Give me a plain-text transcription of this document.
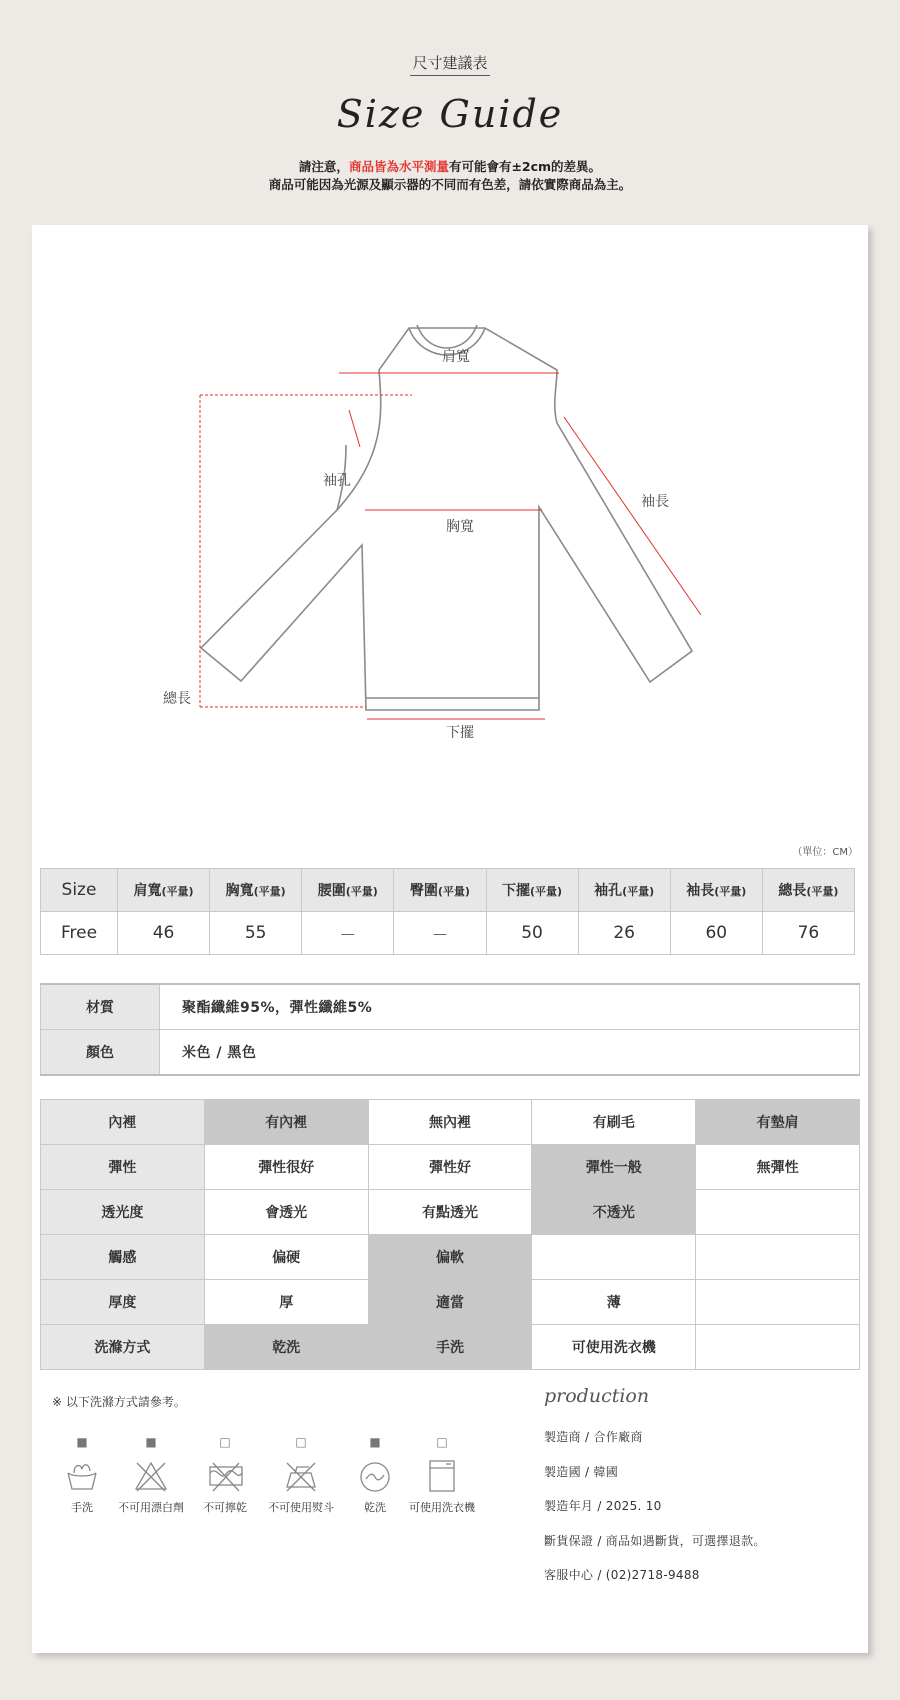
尺寸建議表
Size Guide
請注意，商品皆為水平測量有可能會有±2cm的差異。
商品可能因為光源及顯示器的不同而有色差，請依實際商品為主。
肩寬
袖孔
胸寬
袖長
總長
下擺
（單位：CM）
Size	肩寬(平量)	胸寬(平量)	腰圍(平量)	臀圍(平量)	下擺(平量)	袖孔(平量)	袖長(平量)	總長(平量)
Free	46	55	－	－	50	26	60	76
材質	聚酯纖維95%，彈性纖維5%
顏色	米色 / 黑色
內裡	有內裡	無內裡	有刷毛	有墊肩
彈性	彈性很好	彈性好	彈性一般	無彈性
透光度	會透光	有點透光	不透光	
觸感	偏硬	偏軟		
厚度	厚	適當	薄	
洗滌方式	乾洗	手洗	可使用洗衣機	
※ 以下洗滌方式請參考。
■
手洗
■
不可用漂白劑
□
不可擰乾
□
不可使用熨斗
■
乾洗
□
可使用洗衣機
production
製造商 / 合作廠商
製造國 / 韓國
製造年月 / 2025. 10
斷貨保證 / 商品如遇斷貨，可選擇退款。
客服中心 / (02)2718-9488
